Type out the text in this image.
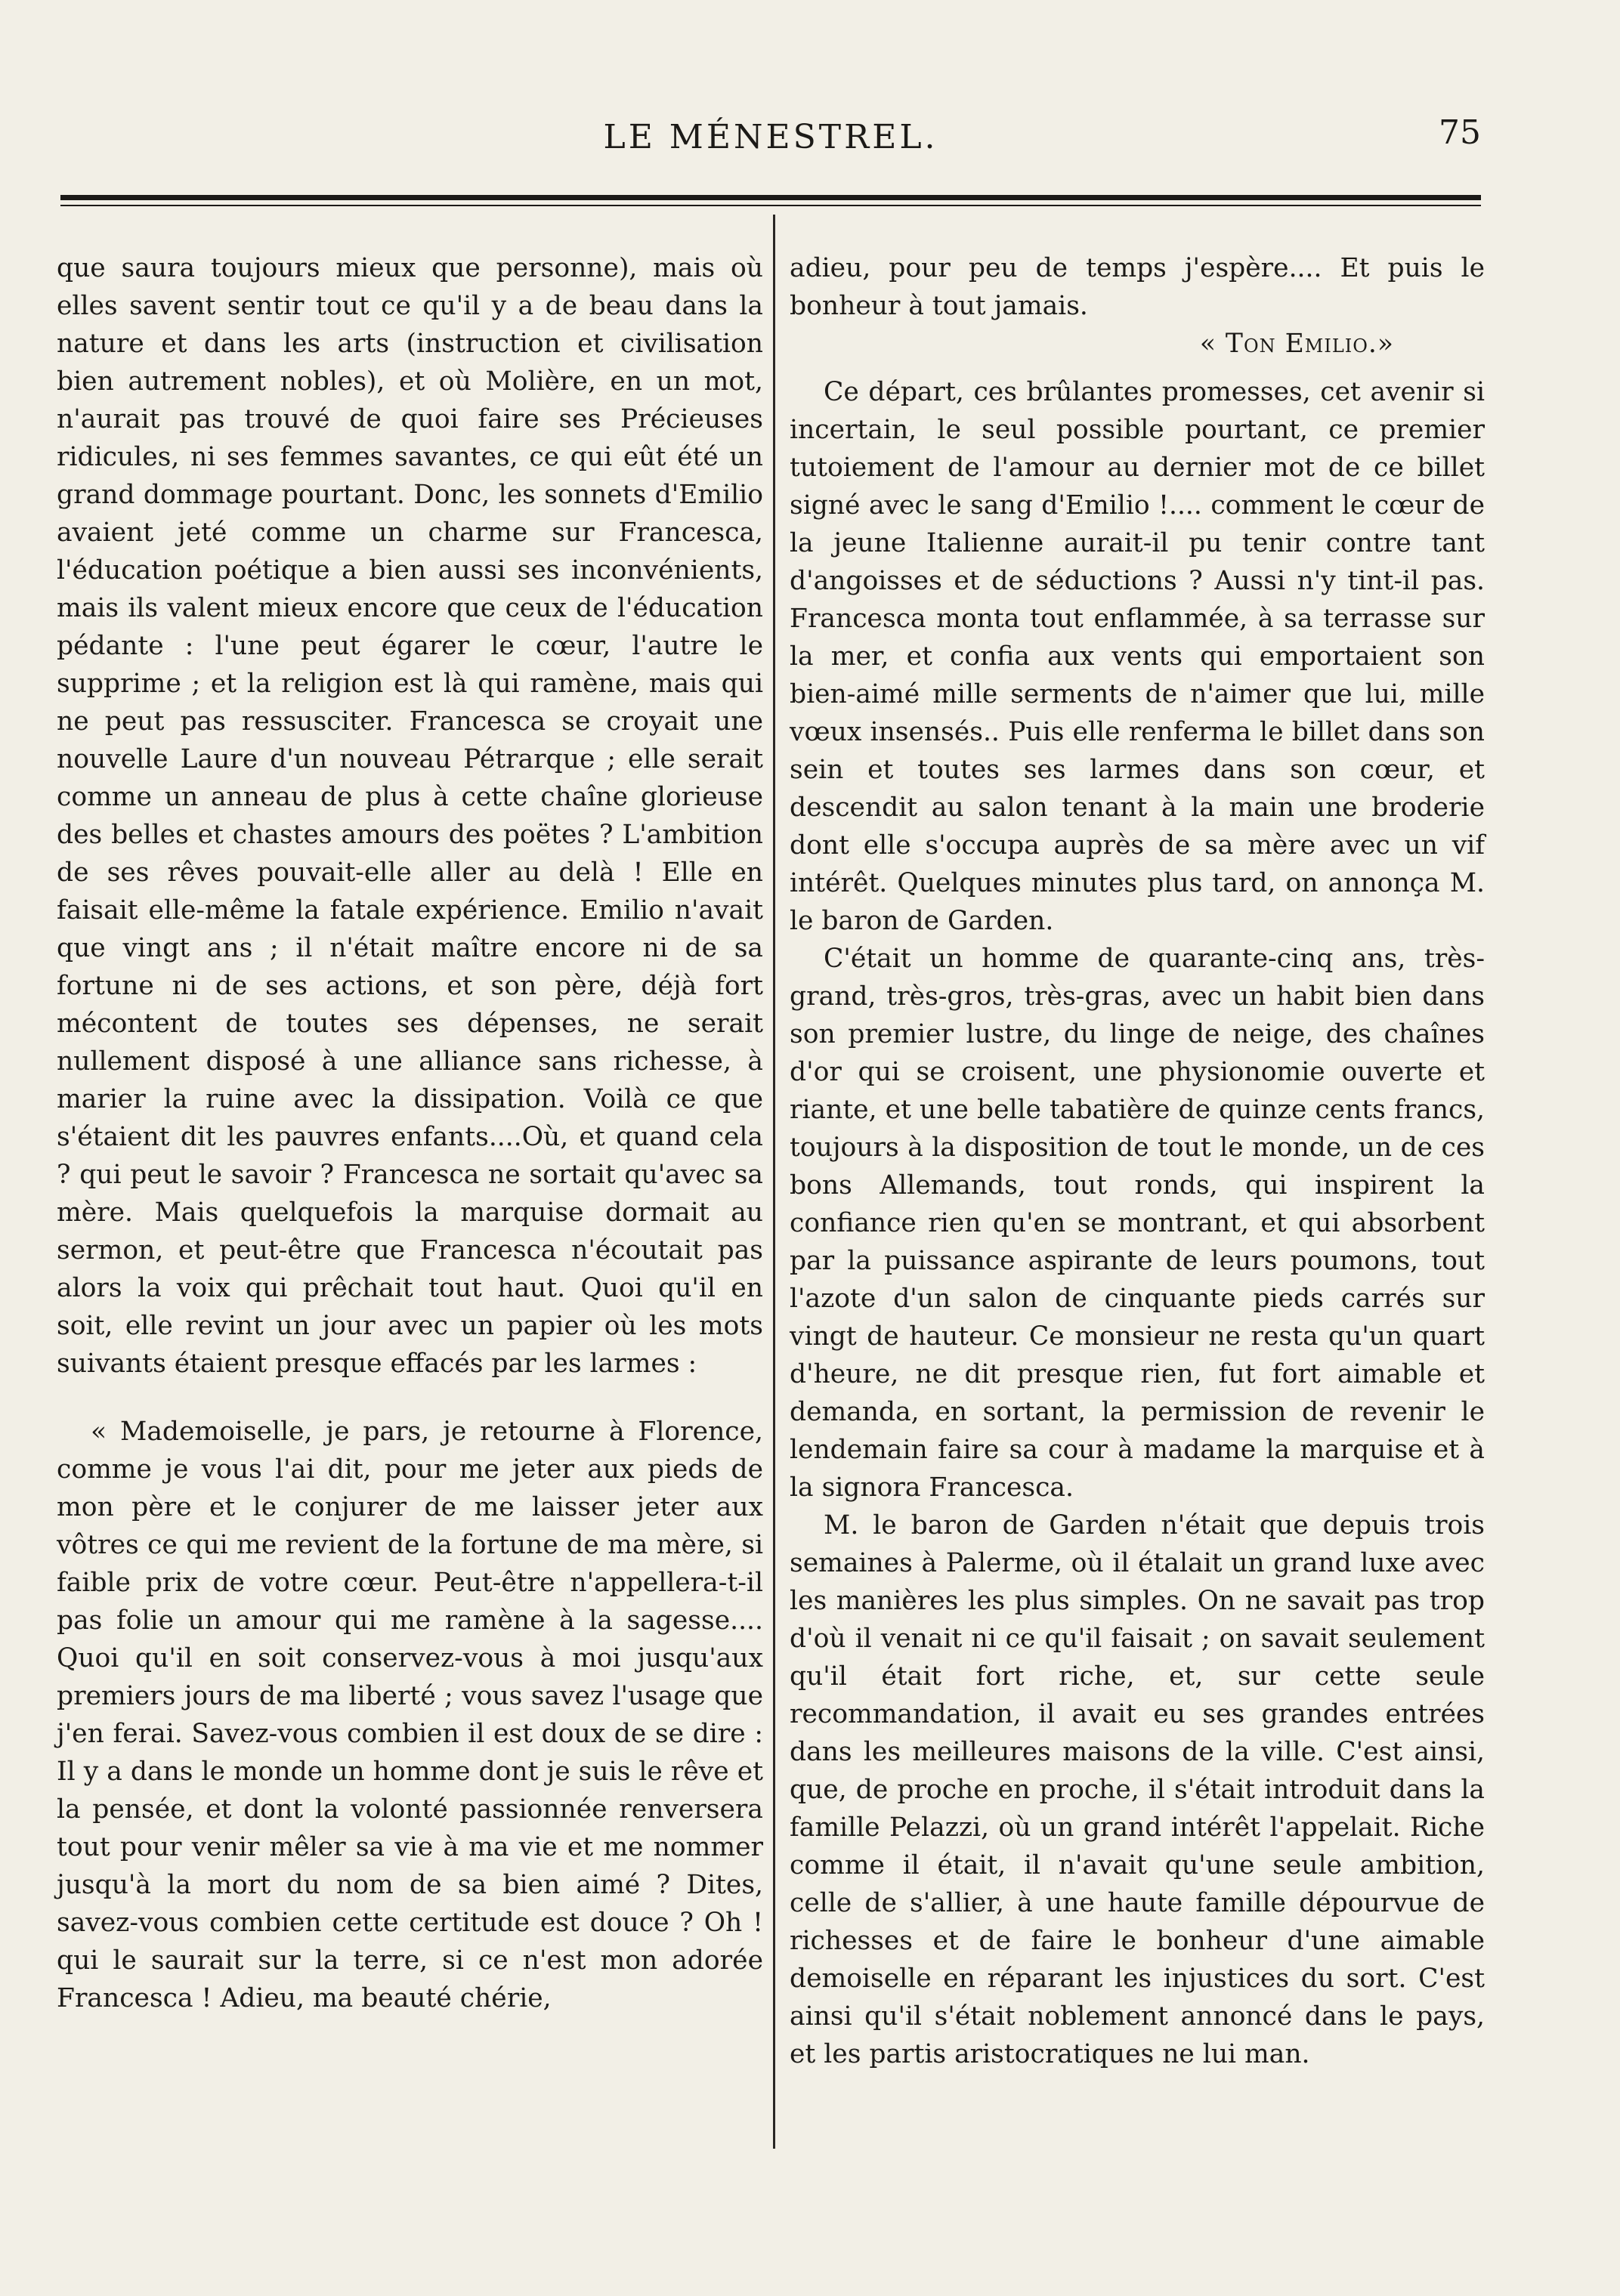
LE MÉNESTREL.	75

que saura toujours mieux que personne), mais où elles savent sentir tout ce qu'il y a de beau dans la nature et dans les arts (instruction et civilisation bien autrement nobles), et où Molière, en un mot, n'aurait pas trouvé de quoi faire ses Précieuses ridicules, ni ses femmes savantes, ce qui eût été un grand dommage pourtant. Donc, les sonnets d'Emilio avaient jeté comme un charme sur Francesca, l'éducation poétique a bien aussi ses inconvénients, mais ils valent mieux encore que ceux de l'éducation pédante : l'une peut égarer le cœur, l'autre le supprime ; et la religion est là qui ramène, mais qui ne peut pas ressusciter. Francesca se croyait une nouvelle Laure d'un nouveau Pétrarque ; elle serait comme un anneau de plus à cette chaîne glorieuse des belles et chastes amours des poëtes ? L'ambition de ses rêves pouvait-elle aller au delà ! Elle en faisait elle-même la fatale expérience. Emilio n'avait que vingt ans ; il n'était maître encore ni de sa fortune ni de ses actions, et son père, déjà fort mécontent de toutes ses dépenses, ne serait nullement disposé à une alliance sans richesse, à marier la ruine avec la dissipation. Voilà ce que s'étaient dit les pauvres enfants....Où, et quand cela ? qui peut le savoir ? Francesca ne sortait qu'avec sa mère. Mais quelquefois la marquise dormait au sermon, et peut-être que Francesca n'écoutait pas alors la voix qui prêchait tout haut. Quoi qu'il en soit, elle revint un jour avec un papier où les mots suivants étaient presque effacés par les larmes :

« Mademoiselle, je pars, je retourne à Florence, comme je vous l'ai dit, pour me jeter aux pieds de mon père et le conjurer de me laisser jeter aux vôtres ce qui me revient de la fortune de ma mère, si faible prix de votre cœur. Peut-être n'appellera-t-il pas folie un amour qui me ramène à la sagesse.... Quoi qu'il en soit conservez-vous à moi jusqu'aux premiers jours de ma liberté ; vous savez l'usage que j'en ferai. Savez-vous combien il est doux de se dire : Il y a dans le monde un homme dont je suis le rêve et la pensée, et dont la volonté passionnée renversera tout pour venir mêler sa vie à ma vie et me nommer jusqu'à la mort du nom de sa bien aimé ? Dites, savez-vous combien cette certitude est douce ? Oh ! qui le saurait sur la terre, si ce n'est mon adorée Francesca ! Adieu, ma beauté chérie,

adieu, pour peu de temps j'espère.... Et puis le bonheur à tout jamais.

« Ton Emilio.»

Ce départ, ces brûlantes promesses, cet avenir si incertain, le seul possible pourtant, ce premier tutoiement de l'amour au dernier mot de ce billet signé avec le sang d'Emilio !.... comment le cœur de la jeune Italienne aurait-il pu tenir contre tant d'angoisses et de séductions ? Aussi n'y tint-il pas. Francesca monta tout enflammée, à sa terrasse sur la mer, et confia aux vents qui emportaient son bien-aimé mille serments de n'aimer que lui, mille vœux insensés.. Puis elle renferma le billet dans son sein et toutes ses larmes dans son cœur, et descendit au salon tenant à la main une broderie dont elle s'occupa auprès de sa mère avec un vif intérêt. Quelques minutes plus tard, on annonça M. le baron de Garden.

C'était un homme de quarante-cinq ans, très-grand, très-gros, très-gras, avec un habit bien dans son premier lustre, du linge de neige, des chaînes d'or qui se croisent, une physionomie ouverte et riante, et une belle tabatière de quinze cents francs, toujours à la disposition de tout le monde, un de ces bons Allemands, tout ronds, qui inspirent la confiance rien qu'en se montrant, et qui absorbent par la puissance aspirante de leurs poumons, tout l'azote d'un salon de cinquante pieds carrés sur vingt de hauteur. Ce monsieur ne resta qu'un quart d'heure, ne dit presque rien, fut fort aimable et demanda, en sortant, la permission de revenir le lendemain faire sa cour à madame la marquise et à la signora Francesca.

M. le baron de Garden n'était que depuis trois semaines à Palerme, où il étalait un grand luxe avec les manières les plus simples. On ne savait pas trop d'où il venait ni ce qu'il faisait ; on savait seulement qu'il était fort riche, et, sur cette seule recommandation, il avait eu ses grandes entrées dans les meilleures maisons de la ville. C'est ainsi, que, de proche en proche, il s'était introduit dans la famille Pelazzi, où un grand intérêt l'appelait. Riche comme il était, il n'avait qu'une seule ambition, celle de s'allier, à une haute famille dépourvue de richesses et de faire le bonheur d'une aimable demoiselle en réparant les injustices du sort. C'est ainsi qu'il s'était noblement annoncé dans le pays, et les partis aristocratiques ne lui man.
